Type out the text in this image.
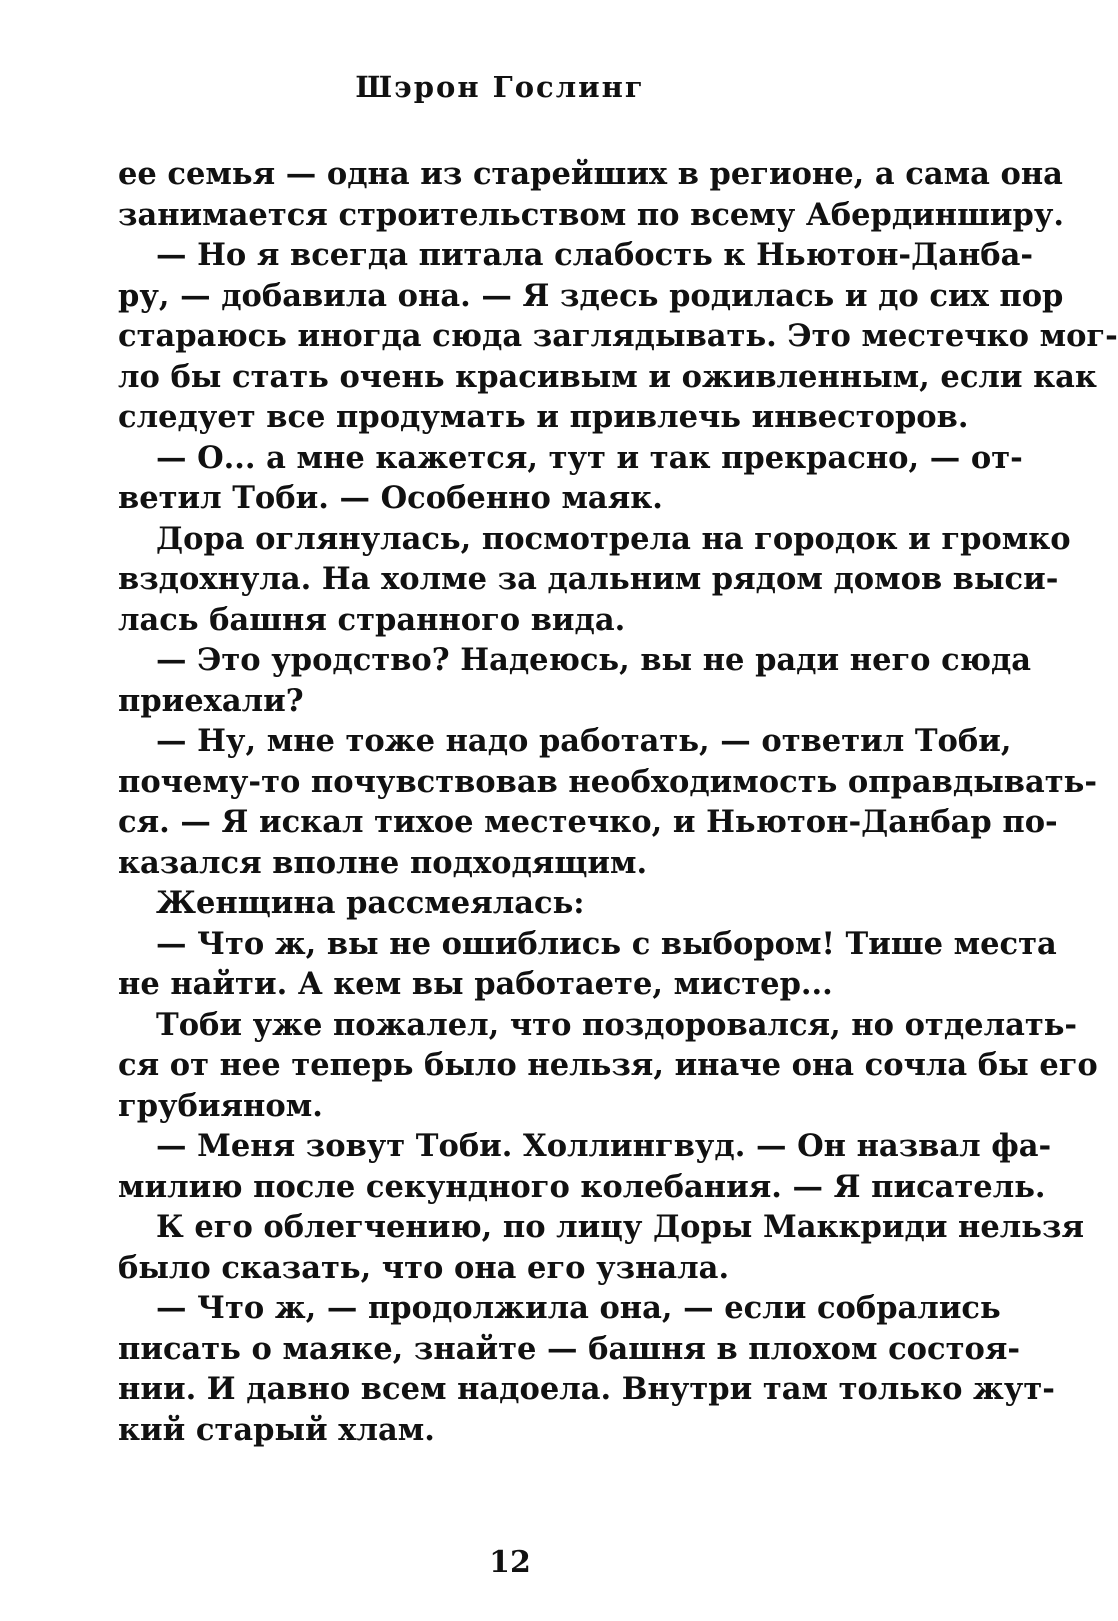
Шэрон Гослинг
ее семья — одна из старейших в регионе, а сама она
занимается строительством по всему Абердинширу.
— Но я всегда питала слабость к Ньютон-Данба-
ру, — добавила она. — Я здесь родилась и до сих пор
стараюсь иногда сюда заглядывать. Это местечко мог-
ло бы стать очень красивым и оживленным, если как
следует все продумать и привлечь инвесторов.
— О... а мне кажется, тут и так прекрасно, — от-
ветил Тоби. — Особенно маяк.
Дора оглянулась, посмотрела на городок и громко
вздохнула. На холме за дальним рядом домов выси-
лась башня странного вида.
— Это уродство? Надеюсь, вы не ради него сюда
приехали?
— Ну, мне тоже надо работать, — ответил Тоби,
почему-то почувствовав необходимость оправдывать-
ся. — Я искал тихое местечко, и Ньютон-Данбар по-
казался вполне подходящим.
Женщина рассмеялась:
— Что ж, вы не ошиблись с выбором! Тише места
не найти. А кем вы работаете, мистер...
Тоби уже пожалел, что поздоровался, но отделать-
ся от нее теперь было нельзя, иначе она сочла бы его
грубияном.
— Меня зовут Тоби. Холлингвуд. — Он назвал фа-
милию после секундного колебания. — Я писатель.
К его облегчению, по лицу Доры Маккриди нельзя
было сказать, что она его узнала.
— Что ж, — продолжила она, — если собрались
писать о маяке, знайте — башня в плохом состоя-
нии. И давно всем надоела. Внутри там только жут-
кий старый хлам.
12
